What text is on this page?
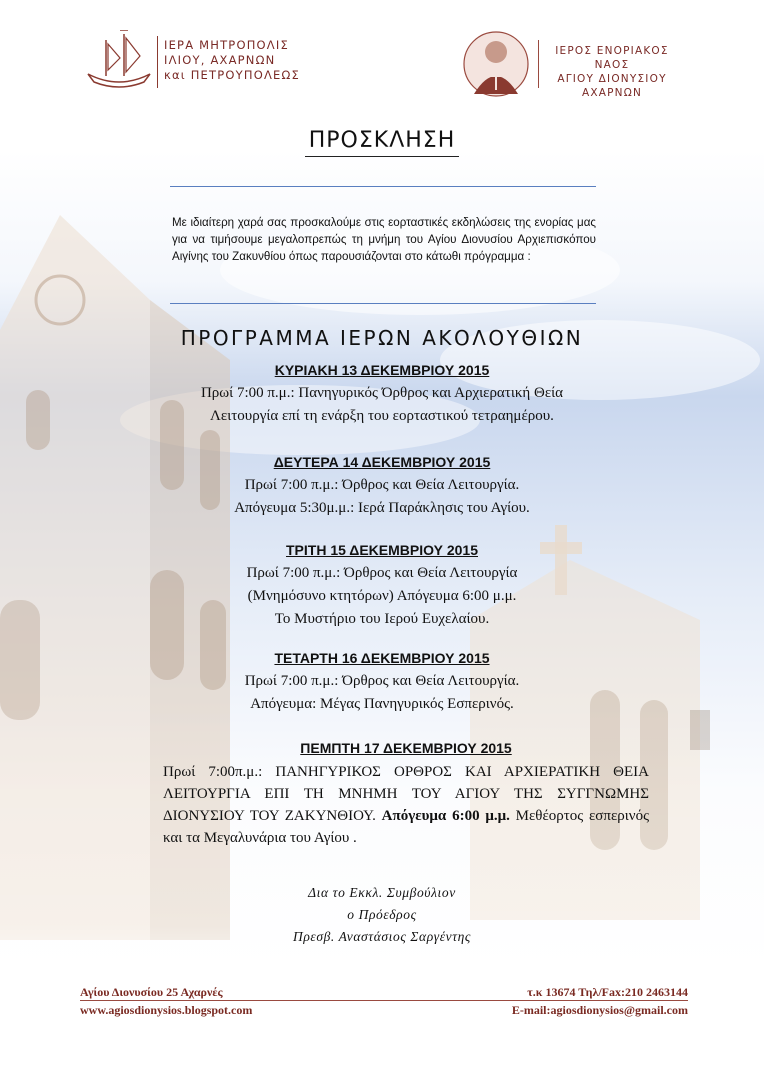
ΙΕΡΑ ΜΗΤΡΟΠΟΛΙΣ
ΙΛΙΟΥ, ΑΧΑΡΝΩΝ
και ΠΕΤΡΟΥΠΟΛΕΩΣ
ΙΕΡΟΣ ΕΝΟΡΙΑΚΟΣ ΝΑΟΣ
ΑΓΙΟΥ ΔΙΟΝΥΣΙΟΥ
ΑΧΑΡΝΩΝ
ΠΡΟΣΚΛΗΣΗ
Με ιδιαίτερη χαρά σας προσκαλούμε στις εορταστικές εκδηλώσεις της ενορίας μας για να τιμήσουμε μεγαλοπρεπώς τη μνήμη του Αγίου Διονυσίου Αρχιεπισκόπου Αιγίνης του Ζακυνθίου όπως παρουσιάζονται στο κάτωθι πρόγραμμα :
ΠΡΟΓΡΑΜΜΑ ΙΕΡΩΝ ΑΚΟΛΟΥΘΙΩΝ
ΚΥΡΙΑΚΗ 13 ΔΕΚΕΜΒΡΙΟΥ 2015
Πρωί 7:00 π.μ.: Πανηγυρικός Όρθρος και Αρχιερατική Θεία
Λειτουργία επί τη ενάρξη του εορταστικού τετραημέρου.
ΔΕΥΤΕΡΑ 14 ΔΕΚΕΜΒΡΙΟΥ 2015
Πρωί 7:00 π.μ.: Όρθρος και Θεία Λειτουργία.
Απόγευμα 5:30μ.μ.: Ιερά Παράκλησις του Αγίου.
ΤΡΙΤΗ 15 ΔΕΚΕΜΒΡΙΟΥ 2015
Πρωί 7:00 π.μ.: Όρθρος και Θεία Λειτουργία
(Μνημόσυνο κτητόρων) Απόγευμα 6:00 μ.μ.
Το Μυστήριο του Ιερού Ευχελαίου.
ΤΕΤΑΡΤΗ 16 ΔΕΚΕΜΒΡΙΟΥ 2015
Πρωί 7:00 π.μ.: Όρθρος και Θεία Λειτουργία.
Απόγευμα: Μέγας Πανηγυρικός Εσπερινός.
ΠΕΜΠΤΗ 17 ΔΕΚΕΜΒΡΙΟΥ 2015
Πρωί 7:00π.μ.: ΠΑΝΗΓΥΡΙΚΟΣ ΟΡΘΡΟΣ ΚΑΙ ΑΡΧΙΕΡΑΤΙΚΗ ΘΕΙΑ ΛΕΙΤΟΥΡΓΙΑ ΕΠΙ ΤΗ ΜΝΗΜΗ ΤΟΥ ΑΓΙΟΥ ΤΗΣ ΣΥΓΓΝΩΜΗΣ ΔΙΟΝΥΣΙΟΥ ΤΟΥ ΖΑΚΥΝΘΙΟΥ. Απόγευμα 6:00 μ.μ. Μεθέορτος εσπερινός και τα Μεγαλυνάρια του Αγίου .
Δια το Εκκλ. Συμβούλιον
ο Πρόεδρος
Πρεσβ. Αναστάσιος Σαργέντης
Αγίου Διονυσίου 25 Αχαρνές	τ.κ 13674 Τηλ/Fax:210 2463144
www.agiosdionysios.blogspot.com	E-mail:agiosdionysios@gmail.com
